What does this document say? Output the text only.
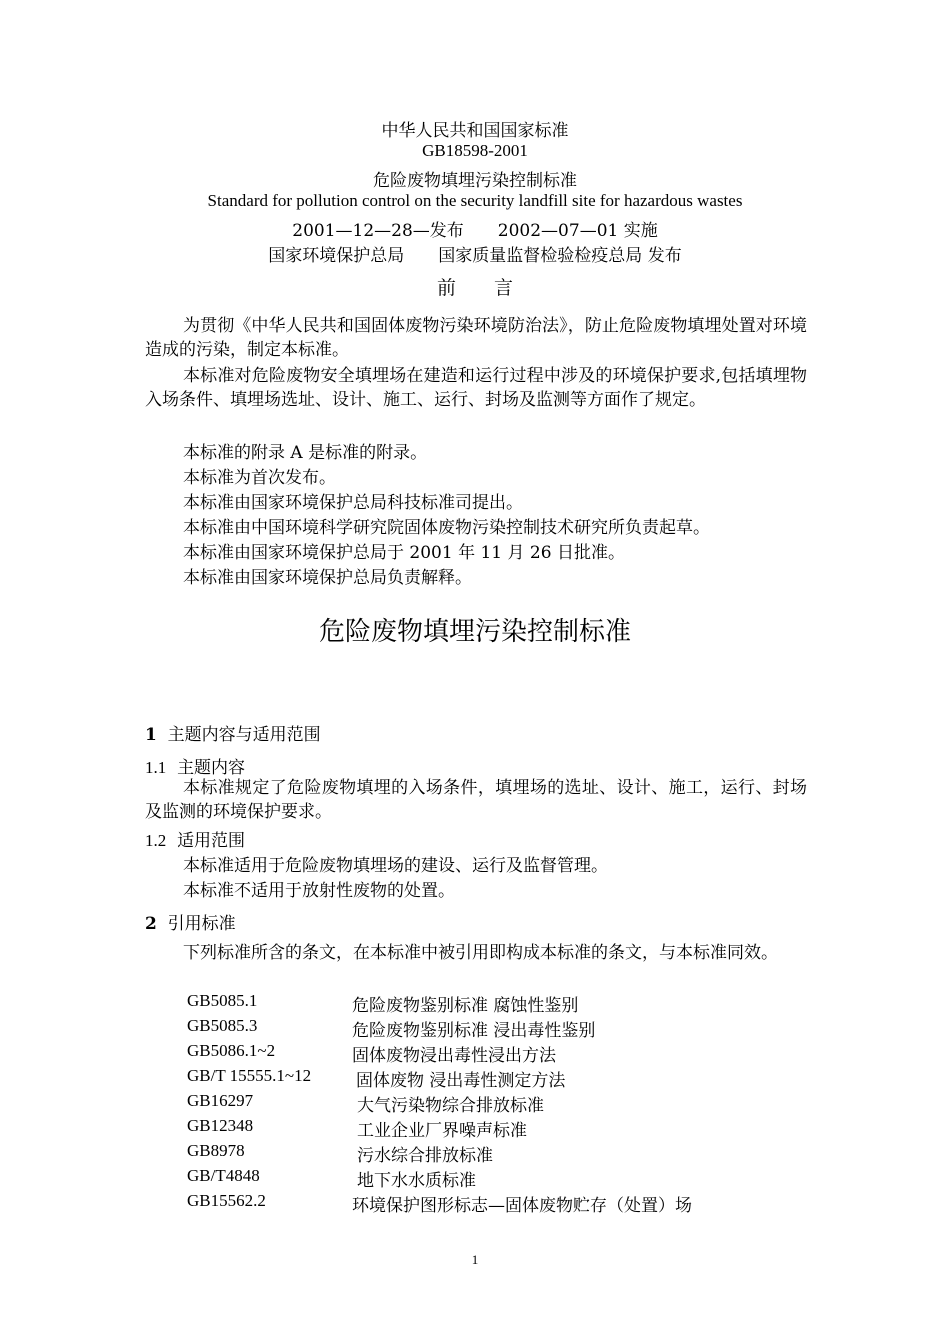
中华人民共和国国家标准
GB18598-2001
危险废物填埋污染控制标准
Standard for pollution control on the security landfill site for hazardous wastes
2001—12—28—发布　　2002—07—01 实施
国家环境保护总局　　国家质量监督检验检疫总局 发布
前　　言
为贯彻《中华人民共和国固体废物污染环境防治法》，防止危险废物填埋处置对环境造成的污染，制定本标准。
本标准对危险废物安全填埋场在建造和运行过程中涉及的环境保护要求,包括填埋物入场条件、填埋场选址、设计、施工、运行、封场及监测等方面作了规定。
本标准的附录 A 是标准的附录。
本标准为首次发布。
本标准由国家环境保护总局科技标准司提出。
本标准由中国环境科学研究院固体废物污染控制技术研究所负责起草。
本标准由国家环境保护总局于 2001 年 11 月 26 日批准。
本标准由国家环境保护总局负责解释。
危险废物填埋污染控制标准
1 主题内容与适用范围
1.1 主题内容
本标准规定了危险废物填埋的入场条件，填埋场的选址、设计、施工，运行、封场及监测的环境保护要求。
1.2 适用范围
本标准适用于危险废物填埋场的建设、运行及监督管理。
本标准不适用于放射性废物的处置。
2 引用标准
下列标准所含的条文，在本标准中被引用即构成本标准的条文，与本标准同效。
GB5085.1	危险废物鉴别标准 腐蚀性鉴别
GB5085.3	危险废物鉴别标准 浸出毒性鉴别
GB5086.1~2	固体废物浸出毒性浸出方法
GB/T 15555.1~12	固体废物 浸出毒性测定方法
GB16297	大气污染物综合排放标准
GB12348	工业企业厂界噪声标准
GB8978	污水综合排放标准
GB/T4848	地下水水质标准
GB15562.2	环境保护图形标志—固体废物贮存（处置）场
1
